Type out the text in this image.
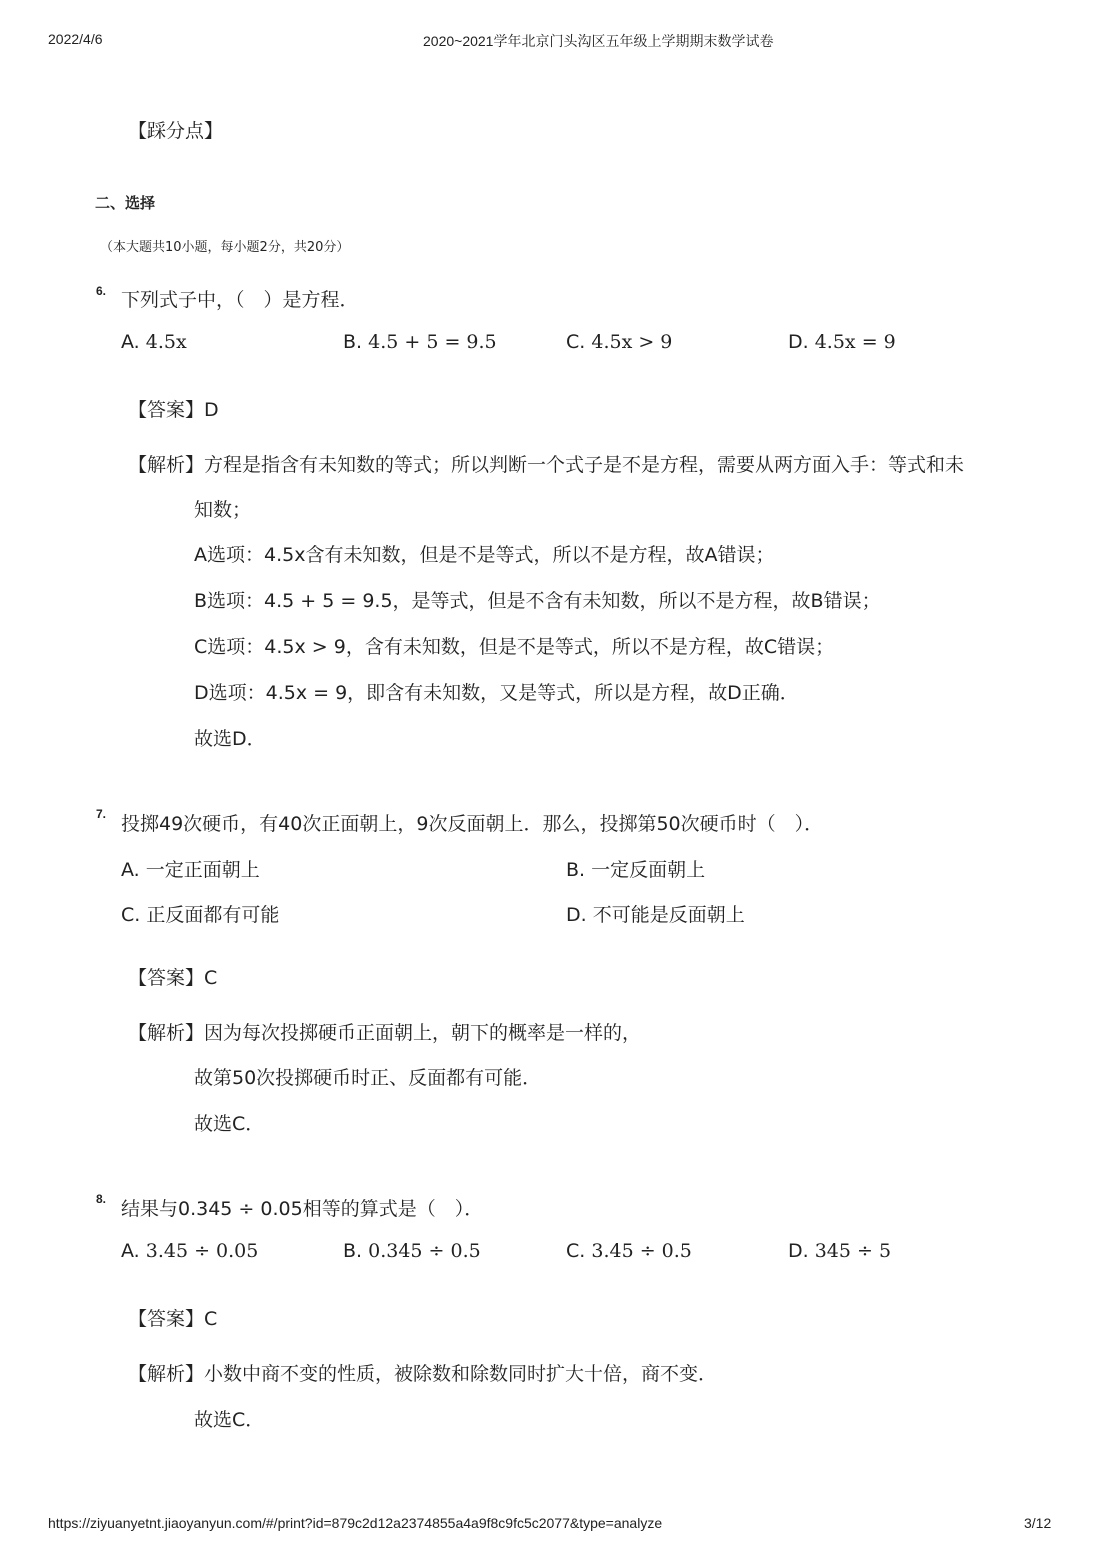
2022/4/6	2020~2021学年北京门头沟区五年级上学期期末数学试卷
【踩分点】
二、选择
（本大题共10小题，每小题2分，共20分）
6. 下列式子中，（　）是方程．
A. 4.5x	B. 4.5 + 5 = 9.5	C. 4.5x > 9	D. 4.5x = 9
【答案】D
【解析】方程是指含有未知数的等式；所以判断一个式子是不是方程，需要从两方面入手：等式和未
知数；
A选项：4.5x含有未知数，但是不是等式，所以不是方程，故A错误；
B选项：4.5 + 5 = 9.5，是等式，但是不含有未知数，所以不是方程，故B错误；
C选项：4.5x > 9，含有未知数，但是不是等式，所以不是方程，故C错误；
D选项：4.5x = 9，即含有未知数，又是等式，所以是方程，故D正确．
故选D．
7. 投掷49次硬币，有40次正面朝上，9次反面朝上．那么，投掷第50次硬币时（　）．
A. 一定正面朝上	B. 一定反面朝上
C. 正反面都有可能	D. 不可能是反面朝上
【答案】C
【解析】因为每次投掷硬币正面朝上，朝下的概率是一样的，
故第50次投掷硬币时正、反面都有可能．
故选C．
8. 结果与0.345 ÷ 0.05相等的算式是（　）．
A. 3.45 ÷ 0.05	B. 0.345 ÷ 0.5	C. 3.45 ÷ 0.5	D. 345 ÷ 5
【答案】C
【解析】小数中商不变的性质，被除数和除数同时扩大十倍，商不变．
故选C．
https://ziyuanyetnt.jiaoyanyun.com/#/print?id=879c2d12a2374855a4a9f8c9fc5c2077&type=analyze	3/12
